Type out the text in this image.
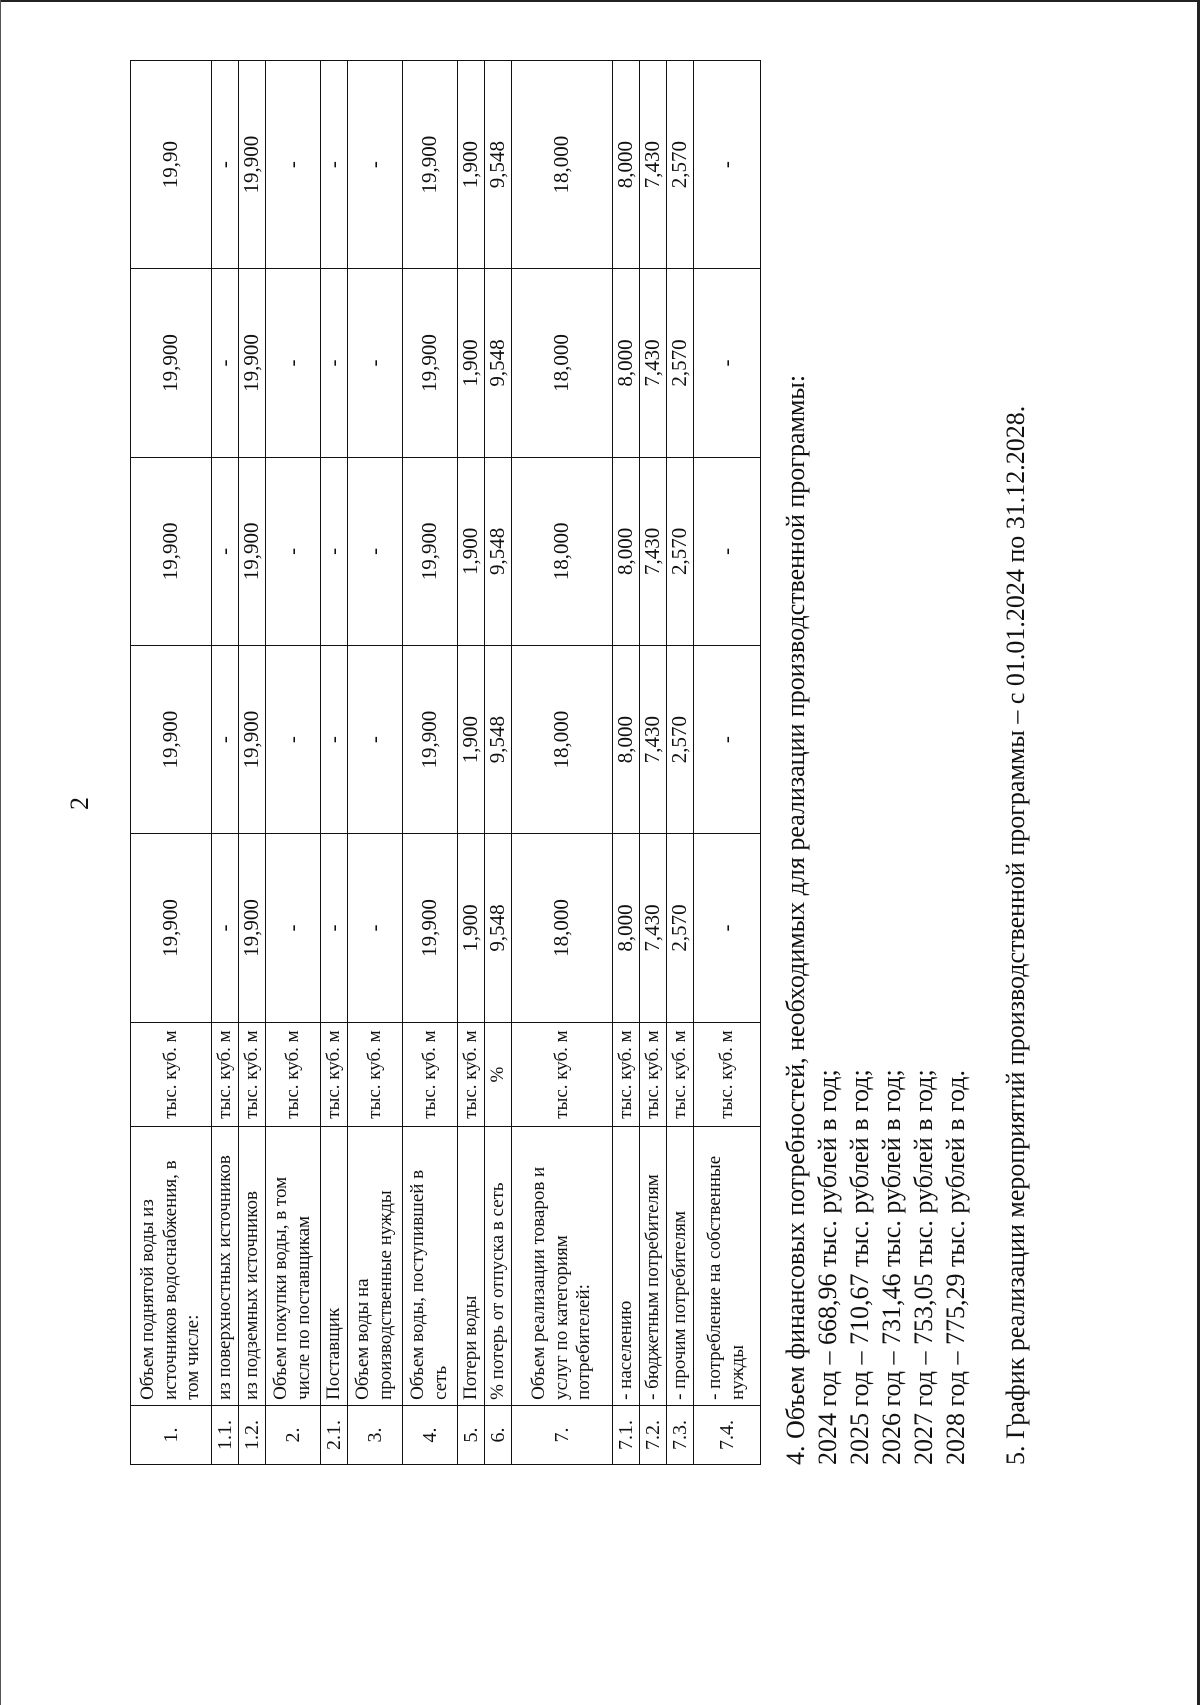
2
1.	Объем поднятой воды из источников водоснабжения, в том числе:	тыс. куб. м	19,900	19,900	19,900	19,900	19,90
1.1.	из поверхностных источников	тыс. куб. м	-	-	-	-	-
1.2.	из подземных источников	тыс. куб. м	19,900	19,900	19,900	19,900	19,900
2.	Объем покупки воды, в том числе по поставщикам	тыс. куб. м	-	-	-	-	-
2.1.	Поставщик	тыс. куб. м	-	-	-	-	-
3.	Объем воды на производственные нужды	тыс. куб. м	-	-	-	-	-
4.	Объем воды, поступившей в сеть	тыс. куб. м	19,900	19,900	19,900	19,900	19,900
5.	Потери воды	тыс. куб. м	1,900	1,900	1,900	1,900	1,900
6.	% потерь от отпуска в сеть	%	9,548	9,548	9,548	9,548	9,548
7.	Объем реализации товаров и услуг по категориям потребителей:	тыс. куб. м	18,000	18,000	18,000	18,000	18,000
7.1.	- населению	тыс. куб. м	8,000	8,000	8,000	8,000	8,000
7.2.	- бюджетным потребителям	тыс. куб. м	7,430	7,430	7,430	7,430	7,430
7.3.	- прочим потребителям	тыс. куб. м	2,570	2,570	2,570	2,570	2,570
7.4.	- потребление на собственные нужды	тыс. куб. м	-	-	-	-	-
4. Объем финансовых потребностей, необходимых для реализации производственной программы: 2024 год – 668,96 тыс. рублей в год; 2025 год – 710,67 тыс. рублей в год; 2026 год – 731,46 тыс. рублей в год; 2027 год – 753,05 тыс. рублей в год; 2028 год – 775,29 тыс. рублей в год. 5. График реализации мероприятий производственной программы – с 01.01.2024 по 31.12.2028.
